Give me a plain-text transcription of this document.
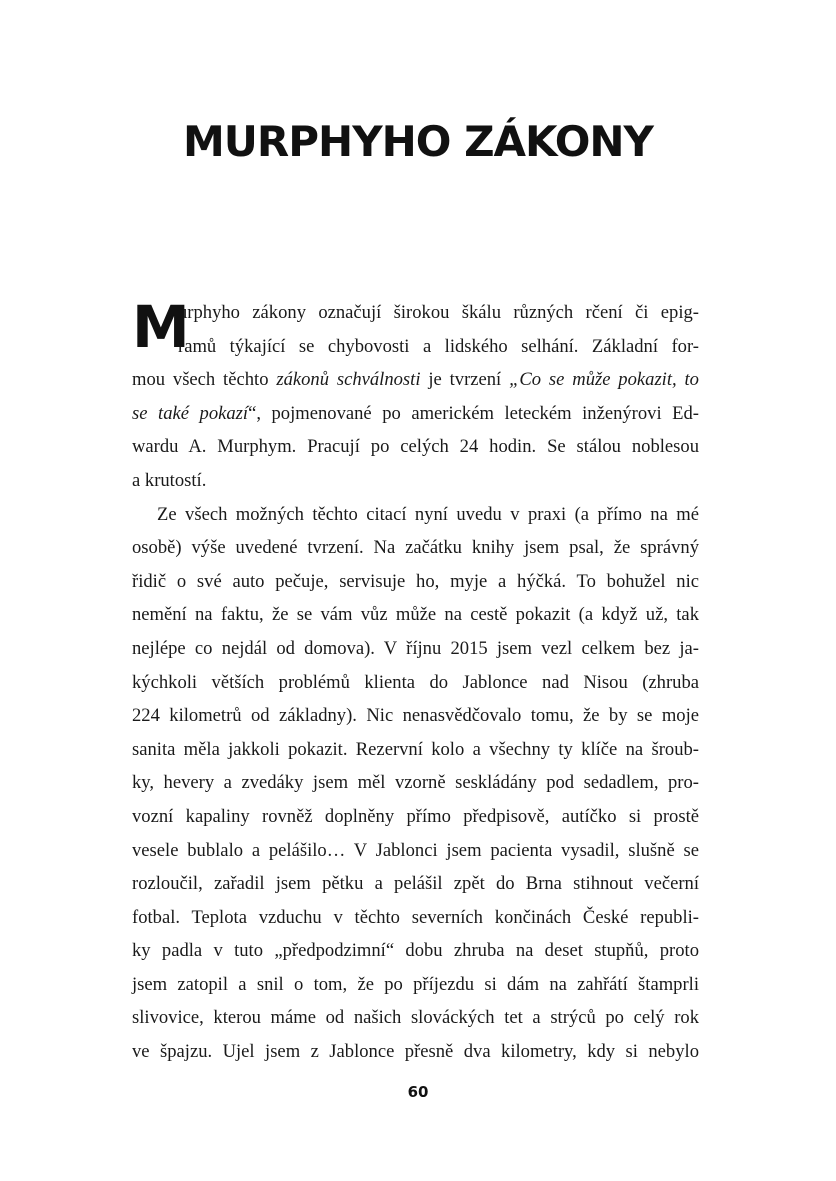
MURPHYHO ZÁKONY
M
urphyho zákony označují širokou škálu různých rčení či epig-
ramů týkající se chybovosti a lidského selhání. Základní for-
mou všech těchto zákonů schválnosti je tvrzení „Co se může pokazit, to
se také pokazí“, pojmenované po americkém leteckém inženýrovi Ed-
wardu A. Murphym. Pracují po celých 24 hodin. Se stálou noblesou
a krutostí.
Ze všech možných těchto citací nyní uvedu v praxi (a přímo na mé
osobě) výše uvedené tvrzení. Na začátku knihy jsem psal, že správný
řidič o své auto pečuje, servisuje ho, myje a hýčká. To bohužel nic
nemění na faktu, že se vám vůz může na cestě pokazit (a když už, tak
nejlépe co nejdál od domova). V říjnu 2015 jsem vezl celkem bez ja-
kýchkoli větších problémů klienta do Jablonce nad Nisou (zhruba
224 kilometrů od základny). Nic nenasvědčovalo tomu, že by se moje
sanita měla jakkoli pokazit. Rezervní kolo a všechny ty klíče na šroub-
ky, hevery a zvedáky jsem měl vzorně seskládány pod sedadlem, pro-
vozní kapaliny rovněž doplněny přímo předpisově, autíčko si prostě
vesele bublalo a pelášilo… V Jablonci jsem pacienta vysadil, slušně se
rozloučil, zařadil jsem pětku a pelášil zpět do Brna stihnout večerní
fotbal. Teplota vzduchu v těchto severních končinách České republi-
ky padla v tuto „předpodzimní“ dobu zhruba na deset stupňů, proto
jsem zatopil a snil o tom, že po příjezdu si dám na zahřátí štamprli
slivovice, kterou máme od našich slováckých tet a strýců po celý rok
ve špajzu. Ujel jsem z Jablonce přesně dva kilometry, kdy si nebylo
60
